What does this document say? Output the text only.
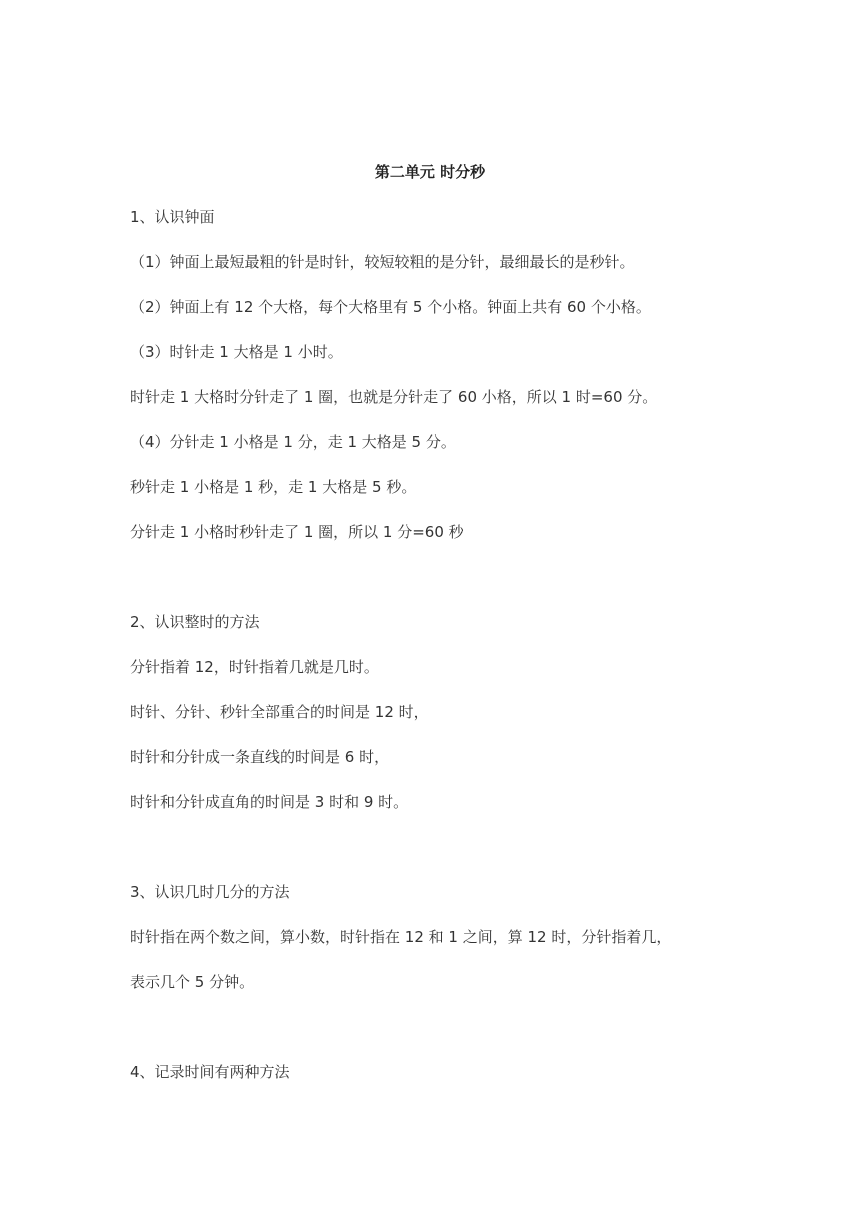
第二单元 时分秒
1、认识钟面
（1）钟面上最短最粗的针是时针，较短较粗的是分针，最细最长的是秒针。
（2）钟面上有 12 个大格，每个大格里有 5 个小格。钟面上共有 60 个小格。
（3）时针走 1 大格是 1 小时。
时针走 1 大格时分针走了 1 圈，也就是分针走了 60 小格，所以 1 时=60 分。
（4）分针走 1 小格是 1 分，走 1 大格是 5 分。
秒针走 1 小格是 1 秒，走 1 大格是 5 秒。
分针走 1 小格时秒针走了 1 圈，所以 1 分=60 秒
2、认识整时的方法
分针指着 12，时针指着几就是几时。
时针、分针、秒针全部重合的时间是 12 时，
时针和分针成一条直线的时间是 6 时，
时针和分针成直角的时间是 3 时和 9 时。
3、认识几时几分的方法
时针指在两个数之间，算小数，时针指在 12 和 1 之间，算 12 时，分针指着几，
表示几个 5 分钟。
4、记录时间有两种方法
